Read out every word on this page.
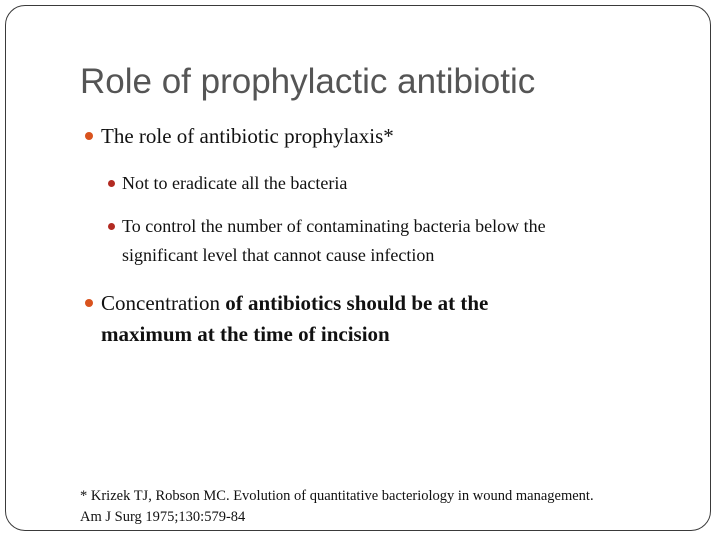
Role of prophylactic antibiotic
The role of antibiotic prophylaxis*
Not to eradicate all the bacteria
To control the number of contaminating bacteria below the
significant level that cannot cause infection
Concentration of antibiotics should be at the
maximum at the time of incision
* Krizek TJ, Robson MC. Evolution of quantitative bacteriology in wound management.
Am J Surg 1975;130:579-84
